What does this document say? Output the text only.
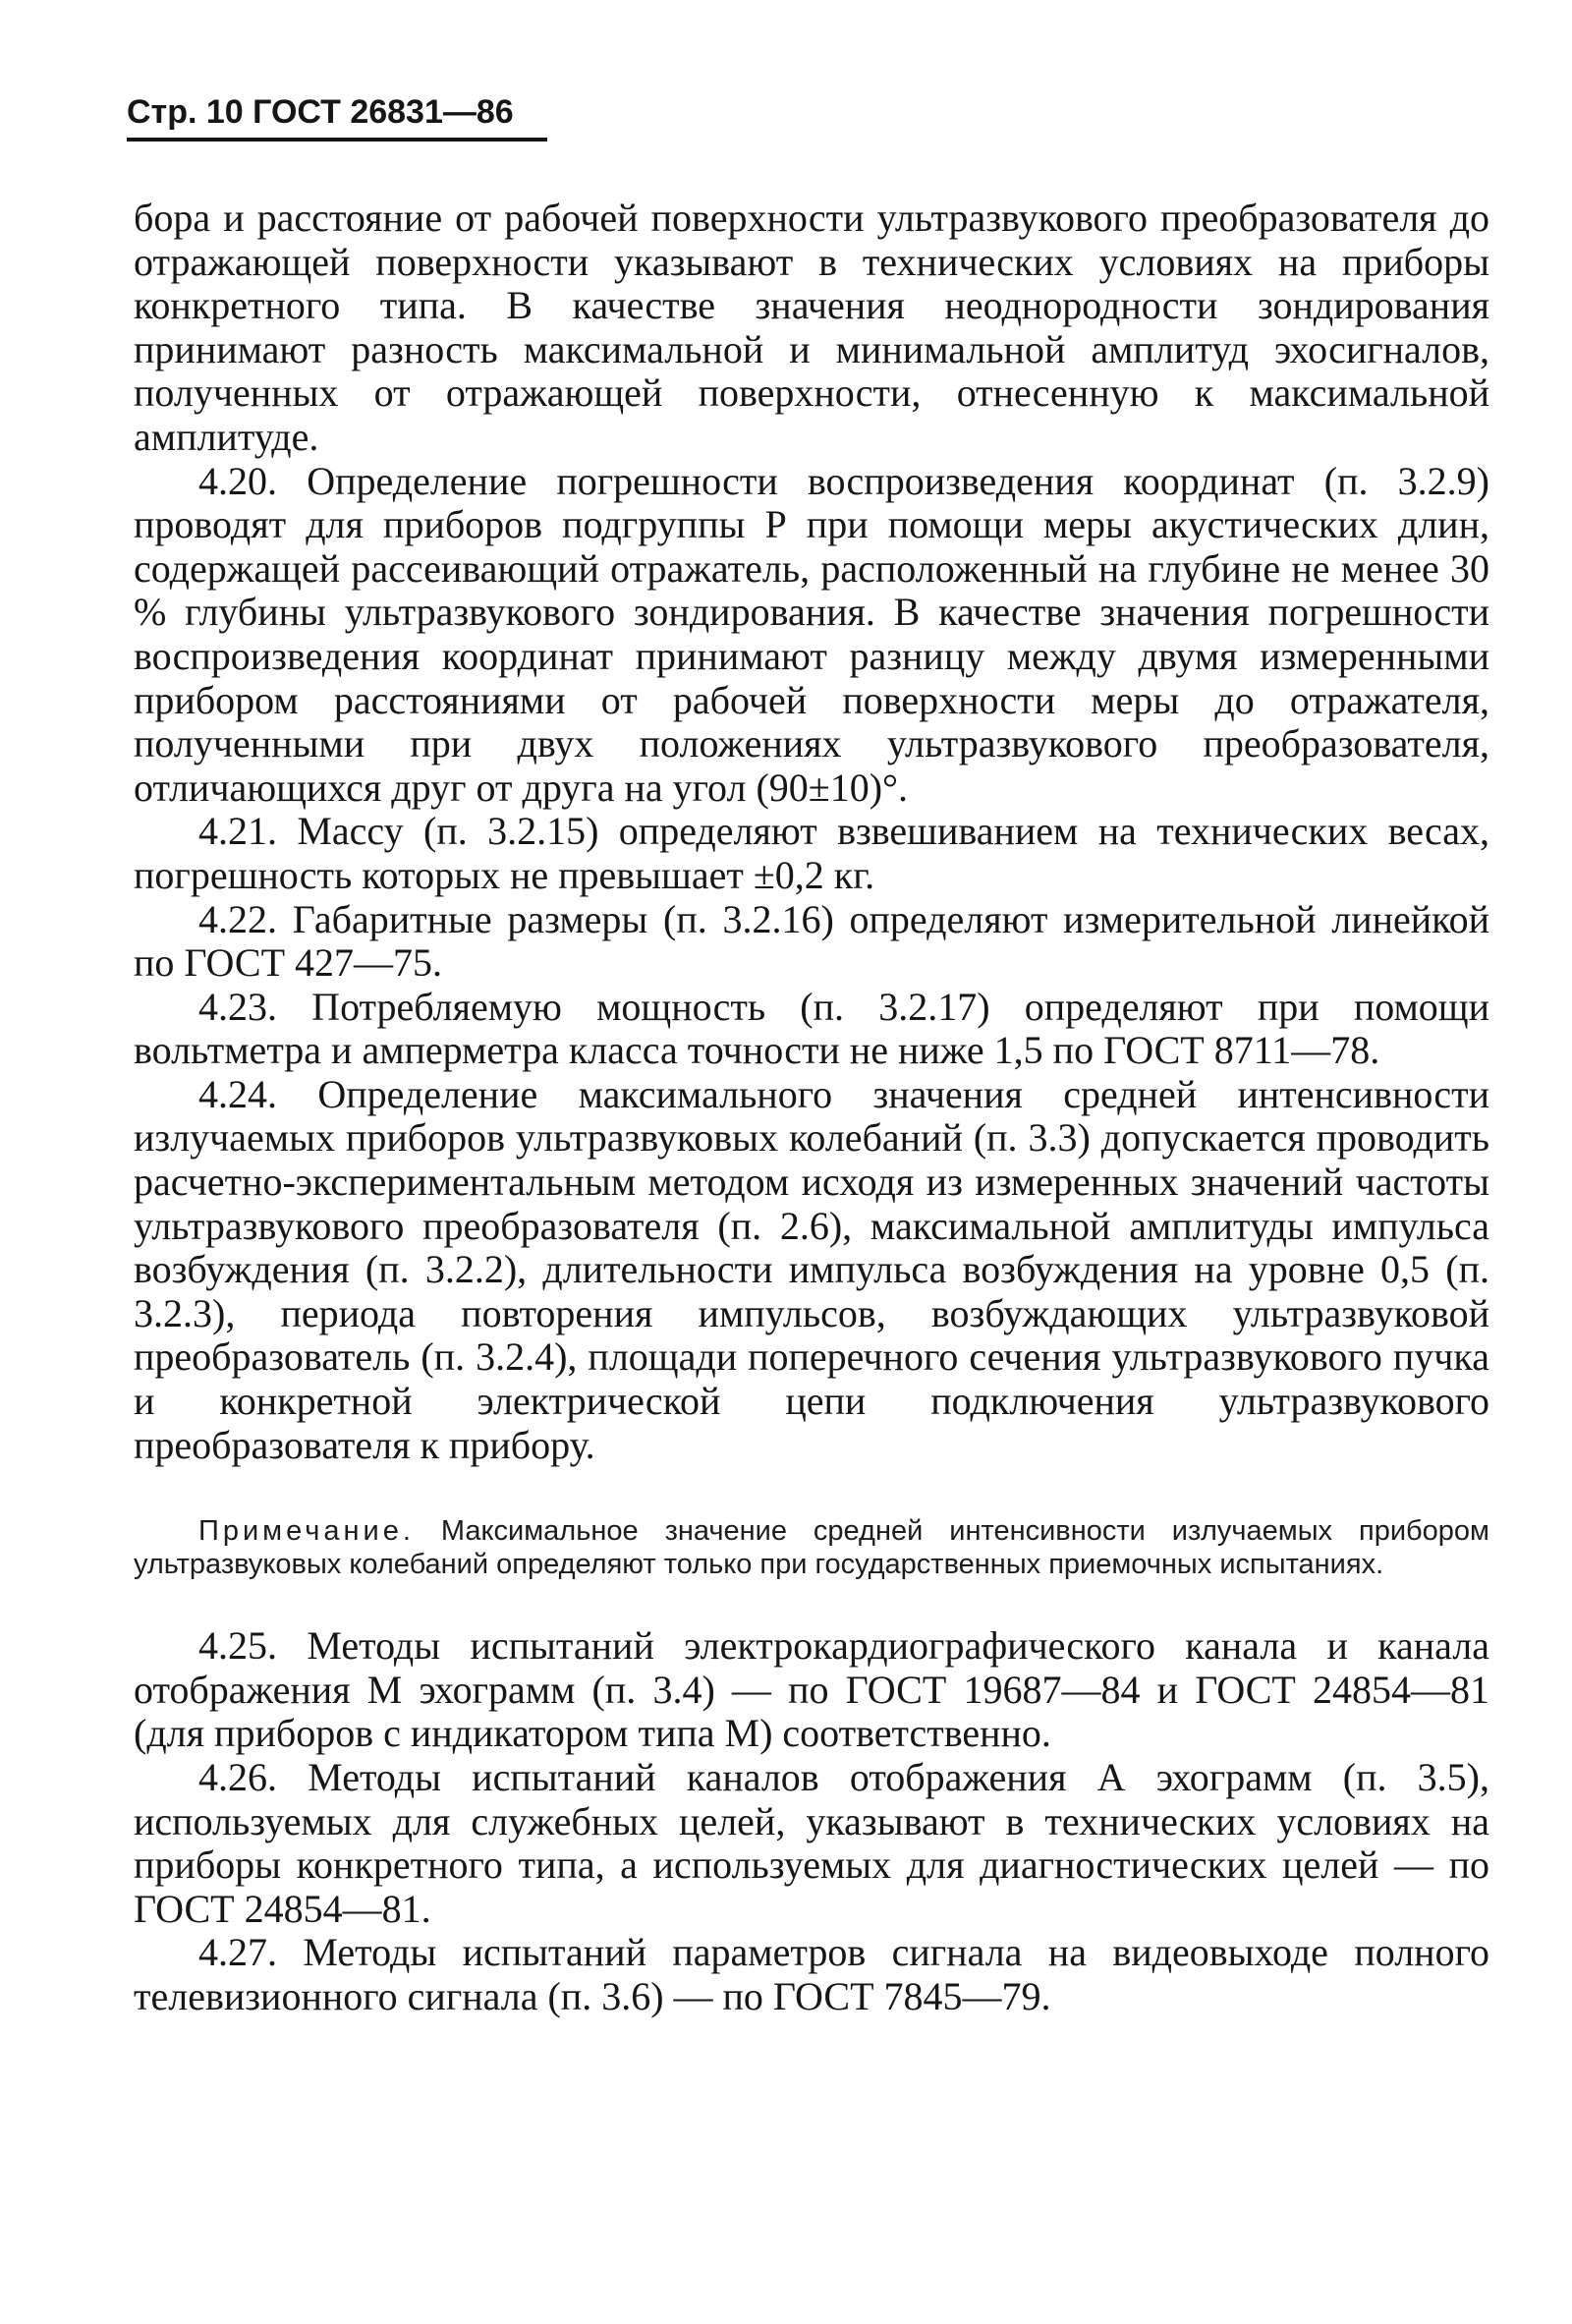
Стр. 10 ГОСТ 26831—86

бора и расстояние от рабочей поверхности ультразвукового преобразователя до отражающей поверхности указывают в технических условиях на приборы конкретного типа. В качестве значения неоднородности зондирования принимают разность максимальной и минимальной амплитуд эхосигналов, полученных от отражающей поверхности, отнесенную к максимальной амплитуде.

4.20. Определение погрешности воспроизведения координат (п. 3.2.9) проводят для приборов подгруппы Р при помощи меры акустических длин, содержащей рассеивающий отражатель, расположенный на глубине не менее 30 % глубины ультразвукового зондирования. В качестве значения погрешности воспроизведения координат принимают разницу между двумя измеренными прибором расстояниями от рабочей поверхности меры до отражателя, полученными при двух положениях ультразвукового преобразователя, отличающихся друг от друга на угол (90±10)°.

4.21. Массу (п. 3.2.15) определяют взвешиванием на технических весах, погрешность которых не превышает ±0,2 кг.

4.22. Габаритные размеры (п. 3.2.16) определяют измерительной линейкой по ГОСТ 427—75.

4.23. Потребляемую мощность (п. 3.2.17) определяют при помощи вольтметра и амперметра класса точности не ниже 1,5 по ГОСТ 8711—78.

4.24. Определение максимального значения средней интенсивности излучаемых приборов ультразвуковых колебаний (п. 3.3) допускается проводить расчетно-экспериментальным методом исходя из измеренных значений частоты ультразвукового преобразователя (п. 2.6), максимальной амплитуды импульса возбуждения (п. 3.2.2), длительности импульса возбуждения на уровне 0,5 (п. 3.2.3), периода повторения импульсов, возбуждающих ультразвуковой преобразователь (п. 3.2.4), площади поперечного сечения ультразвукового пучка и конкретной электрической цепи подключения ультразвукового преобразователя к прибору.

Примечание. Максимальное значение средней интенсивности излучаемых прибором ультразвуковых колебаний определяют только при государственных приемочных испытаниях.

4.25. Методы испытаний электрокардиографического канала и канала отображения М эхограмм (п. 3.4) — по ГОСТ 19687—84 и ГОСТ 24854—81 (для приборов с индикатором типа М) соответственно.

4.26. Методы испытаний каналов отображения А эхограмм (п. 3.5), используемых для служебных целей, указывают в технических условиях на приборы конкретного типа, а используемых для диагностических целей — по ГОСТ 24854—81.

4.27. Методы испытаний параметров сигнала на видеовыходе полного телевизионного сигнала (п. 3.6) — по ГОСТ 7845—79.
